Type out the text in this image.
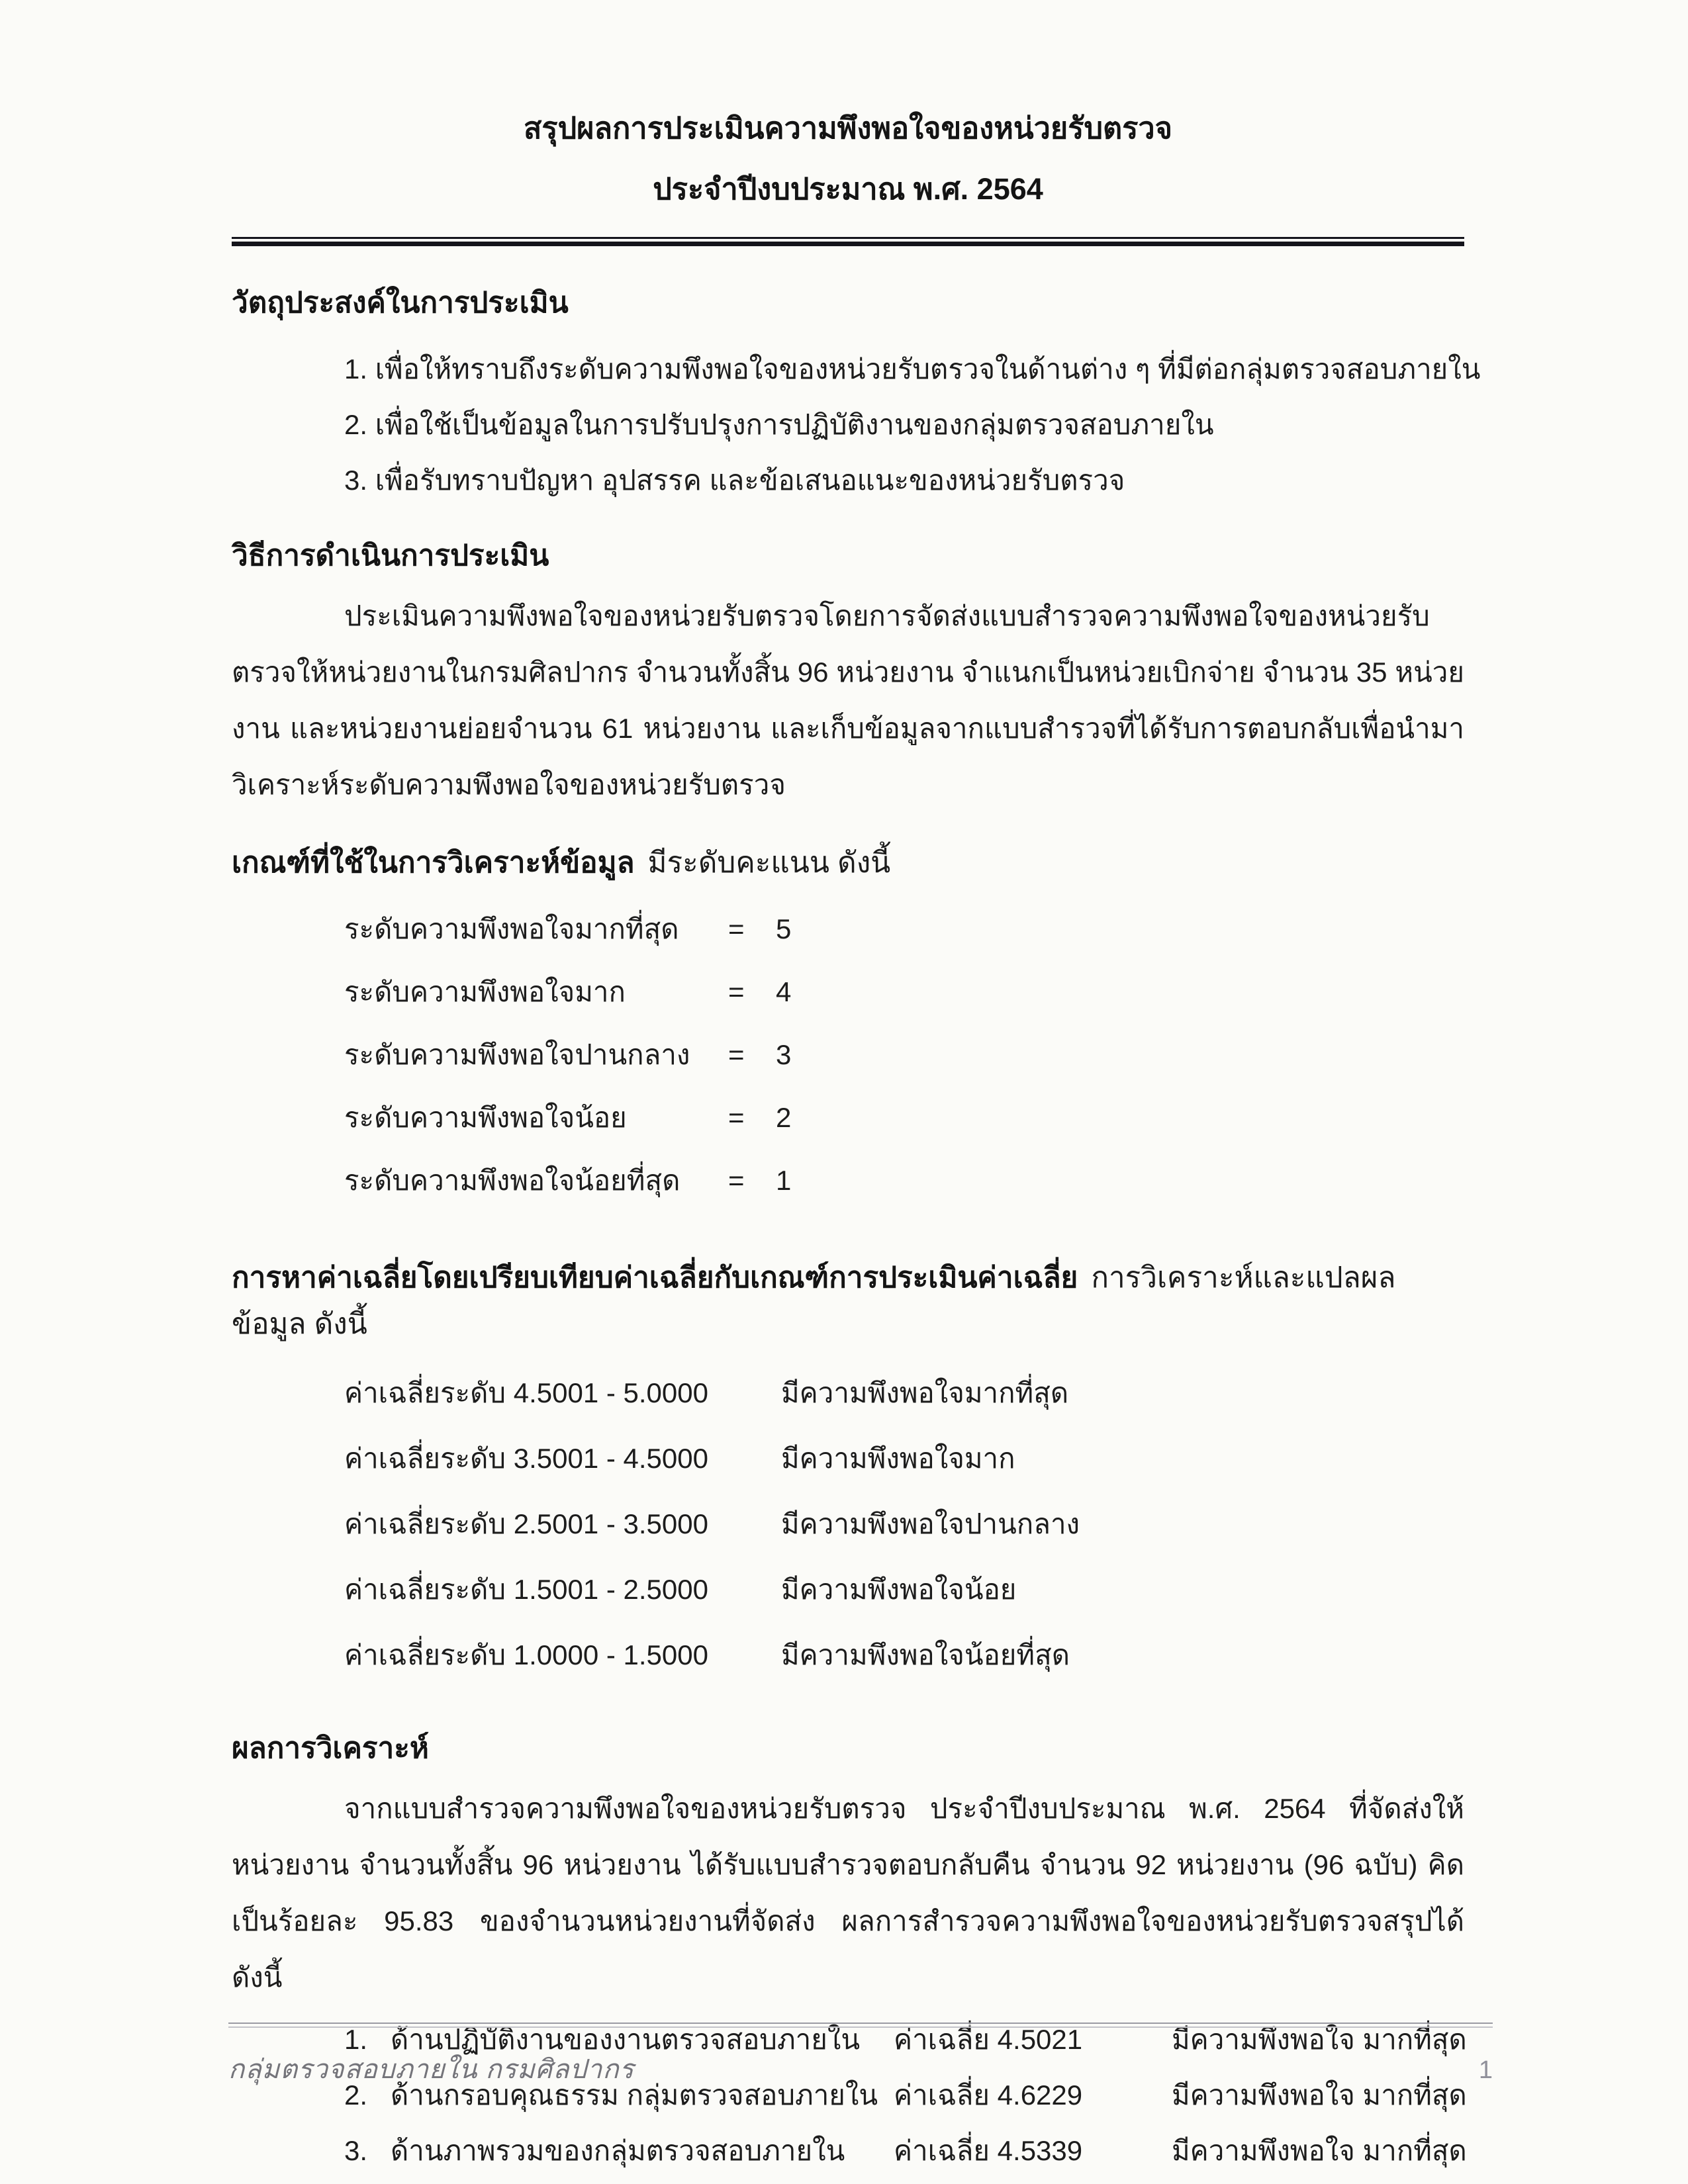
สรุปผลการประเมินความพึงพอใจของหน่วยรับตรวจ
ประจำปีงบประมาณ พ.ศ. 2564
วัตถุประสงค์ในการประเมิน
1. เพื่อให้ทราบถึงระดับความพึงพอใจของหน่วยรับตรวจในด้านต่าง ๆ ที่มีต่อกลุ่มตรวจสอบภายใน
2. เพื่อใช้เป็นข้อมูลในการปรับปรุงการปฏิบัติงานของกลุ่มตรวจสอบภายใน
3. เพื่อรับทราบปัญหา อุปสรรค และข้อเสนอแนะของหน่วยรับตรวจ
วิธีการดำเนินการประเมิน

ประเมินความพึงพอใจของหน่วยรับตรวจโดยการจัดส่งแบบสำรวจความพึงพอใจของหน่วยรับตรวจให้หน่วยงานในกรมศิลปากร จำนวนทั้งสิ้น 96 หน่วยงาน จำแนกเป็นหน่วยเบิกจ่าย จำนวน 35 หน่วยงาน และหน่วยงานย่อยจำนวน 61 หน่วยงาน และเก็บข้อมูลจากแบบสำรวจที่ได้รับการตอบกลับเพื่อนำมาวิเคราะห์ระดับความพึงพอใจของหน่วยรับตรวจ

เกณฑ์ที่ใช้ในการวิเคราะห์ข้อมูล มีระดับคะแนน ดังนี้
ระดับความพึงพอใจมากที่สุด	=	5
ระดับความพึงพอใจมาก	=	4
ระดับความพึงพอใจปานกลาง	=	3
ระดับความพึงพอใจน้อย	=	2
ระดับความพึงพอใจน้อยที่สุด	=	1
การหาค่าเฉลี่ยโดยเปรียบเทียบค่าเฉลี่ยกับเกณฑ์การประเมินค่าเฉลี่ย การวิเคราะห์และแปลผลข้อมูล ดังนี้
ค่าเฉลี่ยระดับ 4.5001 - 5.0000	มีความพึงพอใจมากที่สุด
ค่าเฉลี่ยระดับ 3.5001 - 4.5000	มีความพึงพอใจมาก
ค่าเฉลี่ยระดับ 2.5001 - 3.5000	มีความพึงพอใจปานกลาง
ค่าเฉลี่ยระดับ 1.5001 - 2.5000	มีความพึงพอใจน้อย
ค่าเฉลี่ยระดับ 1.0000 - 1.5000	มีความพึงพอใจน้อยที่สุด
ผลการวิเคราะห์

จากแบบสำรวจความพึงพอใจของหน่วยรับตรวจ ประจำปีงบประมาณ พ.ศ. 2564 ที่จัดส่งให้หน่วยงาน จำนวนทั้งสิ้น 96 หน่วยงาน ได้รับแบบสำรวจตอบกลับคืน จำนวน 92 หน่วยงาน (96 ฉบับ) คิดเป็นร้อยละ 95.83 ของจำนวนหน่วยงานที่จัดส่ง ผลการสำรวจความพึงพอใจของหน่วยรับตรวจสรุปได้ ดังนี้

1. ด้านปฏิบัติงานของงานตรวจสอบภายใน	ค่าเฉลี่ย 4.5021	มีความพึงพอใจ มากที่สุด
2. ด้านกรอบคุณธรรม กลุ่มตรวจสอบภายใน ค่าเฉลี่ย 4.6229	มีความพึงพอใจ มากที่สุด
3. ด้านภาพรวมของกลุ่มตรวจสอบภายใน	ค่าเฉลี่ย 4.5339	มีความพึงพอใจ มากที่สุด
กลุ่มตรวจสอบภายใน กรมศิลปากร	1
